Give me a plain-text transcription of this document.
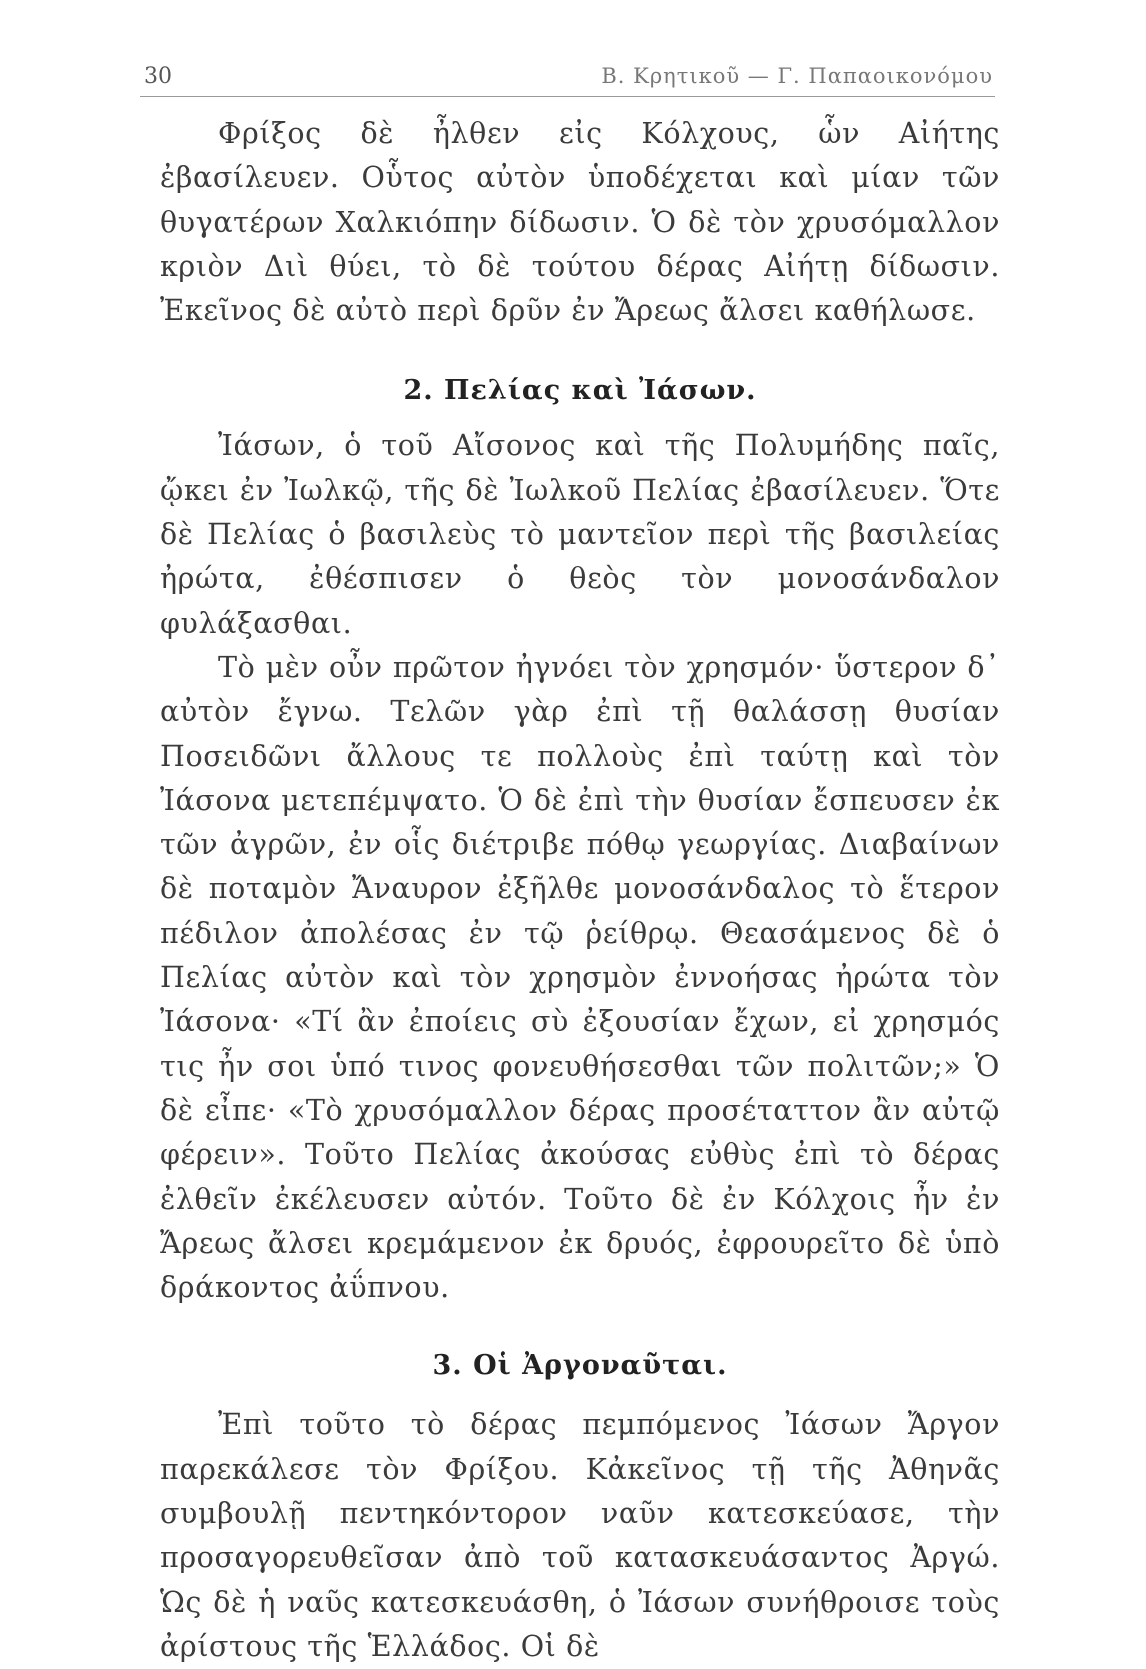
30	Β. Κρητικοῦ — Γ. Παπαοικονόμου

Φρίξος δὲ ἦλθεν εἰς Κόλχους, ὧν Αἰήτης ἐβασίλευεν. Οὗτος αὐτὸν ὑποδέχεται καὶ μίαν τῶν θυγατέρων Χαλκιόπην δίδωσιν. Ὁ δὲ τὸν χρυσόμαλλον κριὸν Διὶ θύει, τὸ δὲ τούτου δέρας Αἰήτῃ δίδωσιν. Ἐκεῖνος δὲ αὐτὸ περὶ δρῦν ἐν Ἄρεως ἄλσει καθήλωσε.

2. Πελίας καὶ Ἰάσων.

Ἰάσων, ὁ τοῦ Αἴσονος καὶ τῆς Πολυμήδης παῖς, ᾤκει ἐν Ἰωλκῷ, τῆς δὲ Ἰωλκοῦ Πελίας ἐβασίλευεν. Ὅτε δὲ Πελίας ὁ βασιλεὺς τὸ μαντεῖον περὶ τῆς βασιλείας ἠρώτα, ἐθέσπισεν ὁ θεὸς τὸν μονοσάνδαλον φυλάξασθαι.

Τὸ μὲν οὖν πρῶτον ἠγνόει τὸν χρησμόν· ὕστερον δ᾽ αὐτὸν ἔγνω. Τελῶν γὰρ ἐπὶ τῇ θαλάσσῃ θυσίαν Ποσειδῶνι ἄλλους τε πολλοὺς ἐπὶ ταύτῃ καὶ τὸν Ἰάσονα μετεπέμψατο. Ὁ δὲ ἐπὶ τὴν θυσίαν ἔσπευσεν ἐκ τῶν ἀγρῶν, ἐν οἷς διέτριβε πόθῳ γεωργίας. Διαβαίνων δὲ ποταμὸν Ἄναυρον ἐξῆλθε μονοσάνδαλος τὸ ἕτερον πέδιλον ἀπολέσας ἐν τῷ ῥείθρῳ. Θεασάμενος δὲ ὁ Πελίας αὐτὸν καὶ τὸν χρησμὸν ἐννοήσας ἠρώτα τὸν Ἰάσονα· «Τί ἂν ἐποίεις σὺ ἐξουσίαν ἔχων, εἰ χρησμός τις ἦν σοι ὑπό τινος φονευθήσεσθαι τῶν πολιτῶν;» Ὁ δὲ εἶπε· «Τὸ χρυσόμαλλον δέρας προσέταττον ἂν αὐτῷ φέρειν». Τοῦτο Πελίας ἀκούσας εὐθὺς ἐπὶ τὸ δέρας ἐλθεῖν ἐκέλευσεν αὐτόν. Τοῦτο δὲ ἐν Κόλχοις ἦν ἐν Ἄρεως ἄλσει κρεμάμενον ἐκ δρυός, ἐφρουρεῖτο δὲ ὑπὸ δράκοντος ἀΰπνου.

3. Οἱ Ἀργοναῦται.

Ἐπὶ τοῦτο τὸ δέρας πεμπόμενος Ἰάσων Ἄργον παρεκάλεσε τὸν Φρίξου. Κἀκεῖνος τῇ τῆς Ἀθηνᾶς συμβουλῇ πεντηκόντορον ναῦν κατεσκεύασε, τὴν προσαγορευθεῖσαν ἀπὸ τοῦ κατασκευάσαντος Ἀργώ. Ὡς δὲ ἡ ναῦς κατεσκευάσθη, ὁ Ἰάσων συνήθροισε τοὺς ἀρίστους τῆς Ἑλλάδος. Οἱ δὲ
